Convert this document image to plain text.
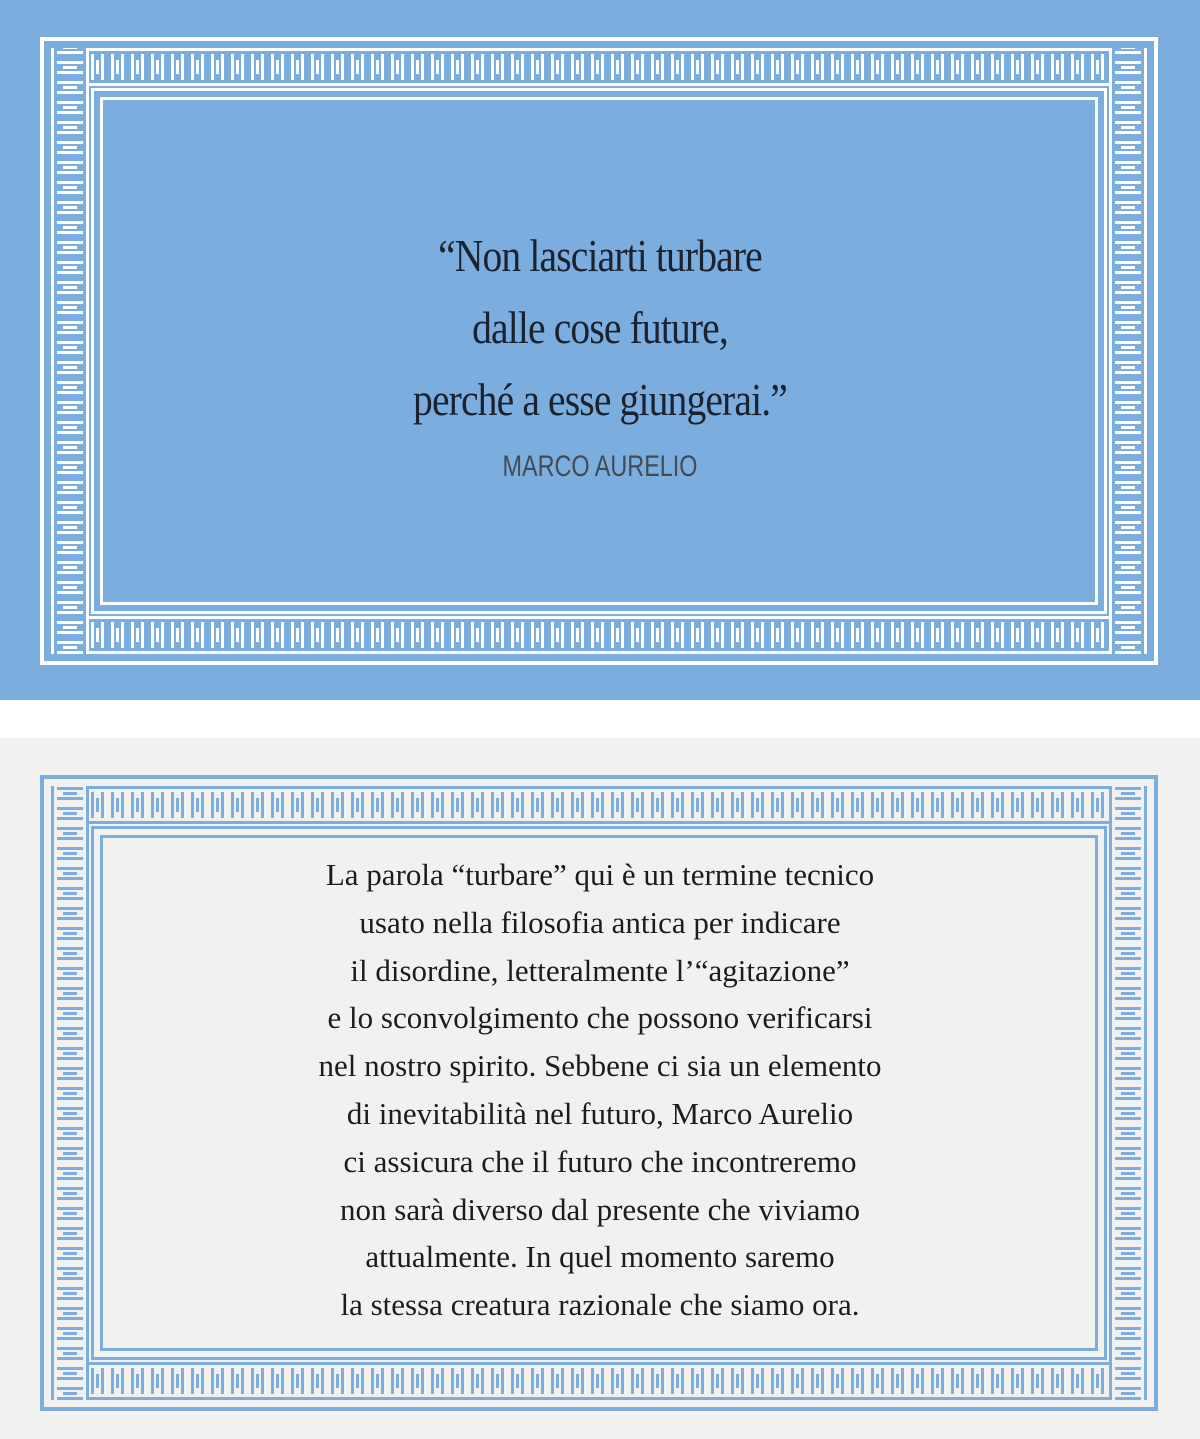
“Non lasciarti turbare
dalle cose future,
perché a esse giungerai.”
MARCO AURELIO
La parola “turbare” qui è un termine tecnico
usato nella filosofia antica per indicare
il disordine, letteralmente l’“agitazione”
e lo sconvolgimento che possono verificarsi
nel nostro spirito. Sebbene ci sia un elemento
di inevitabilità nel futuro, Marco Aurelio
ci assicura che il futuro che incontreremo
non sarà diverso dal presente che viviamo
attualmente. In quel momento saremo
la stessa creatura razionale che siamo ora.
